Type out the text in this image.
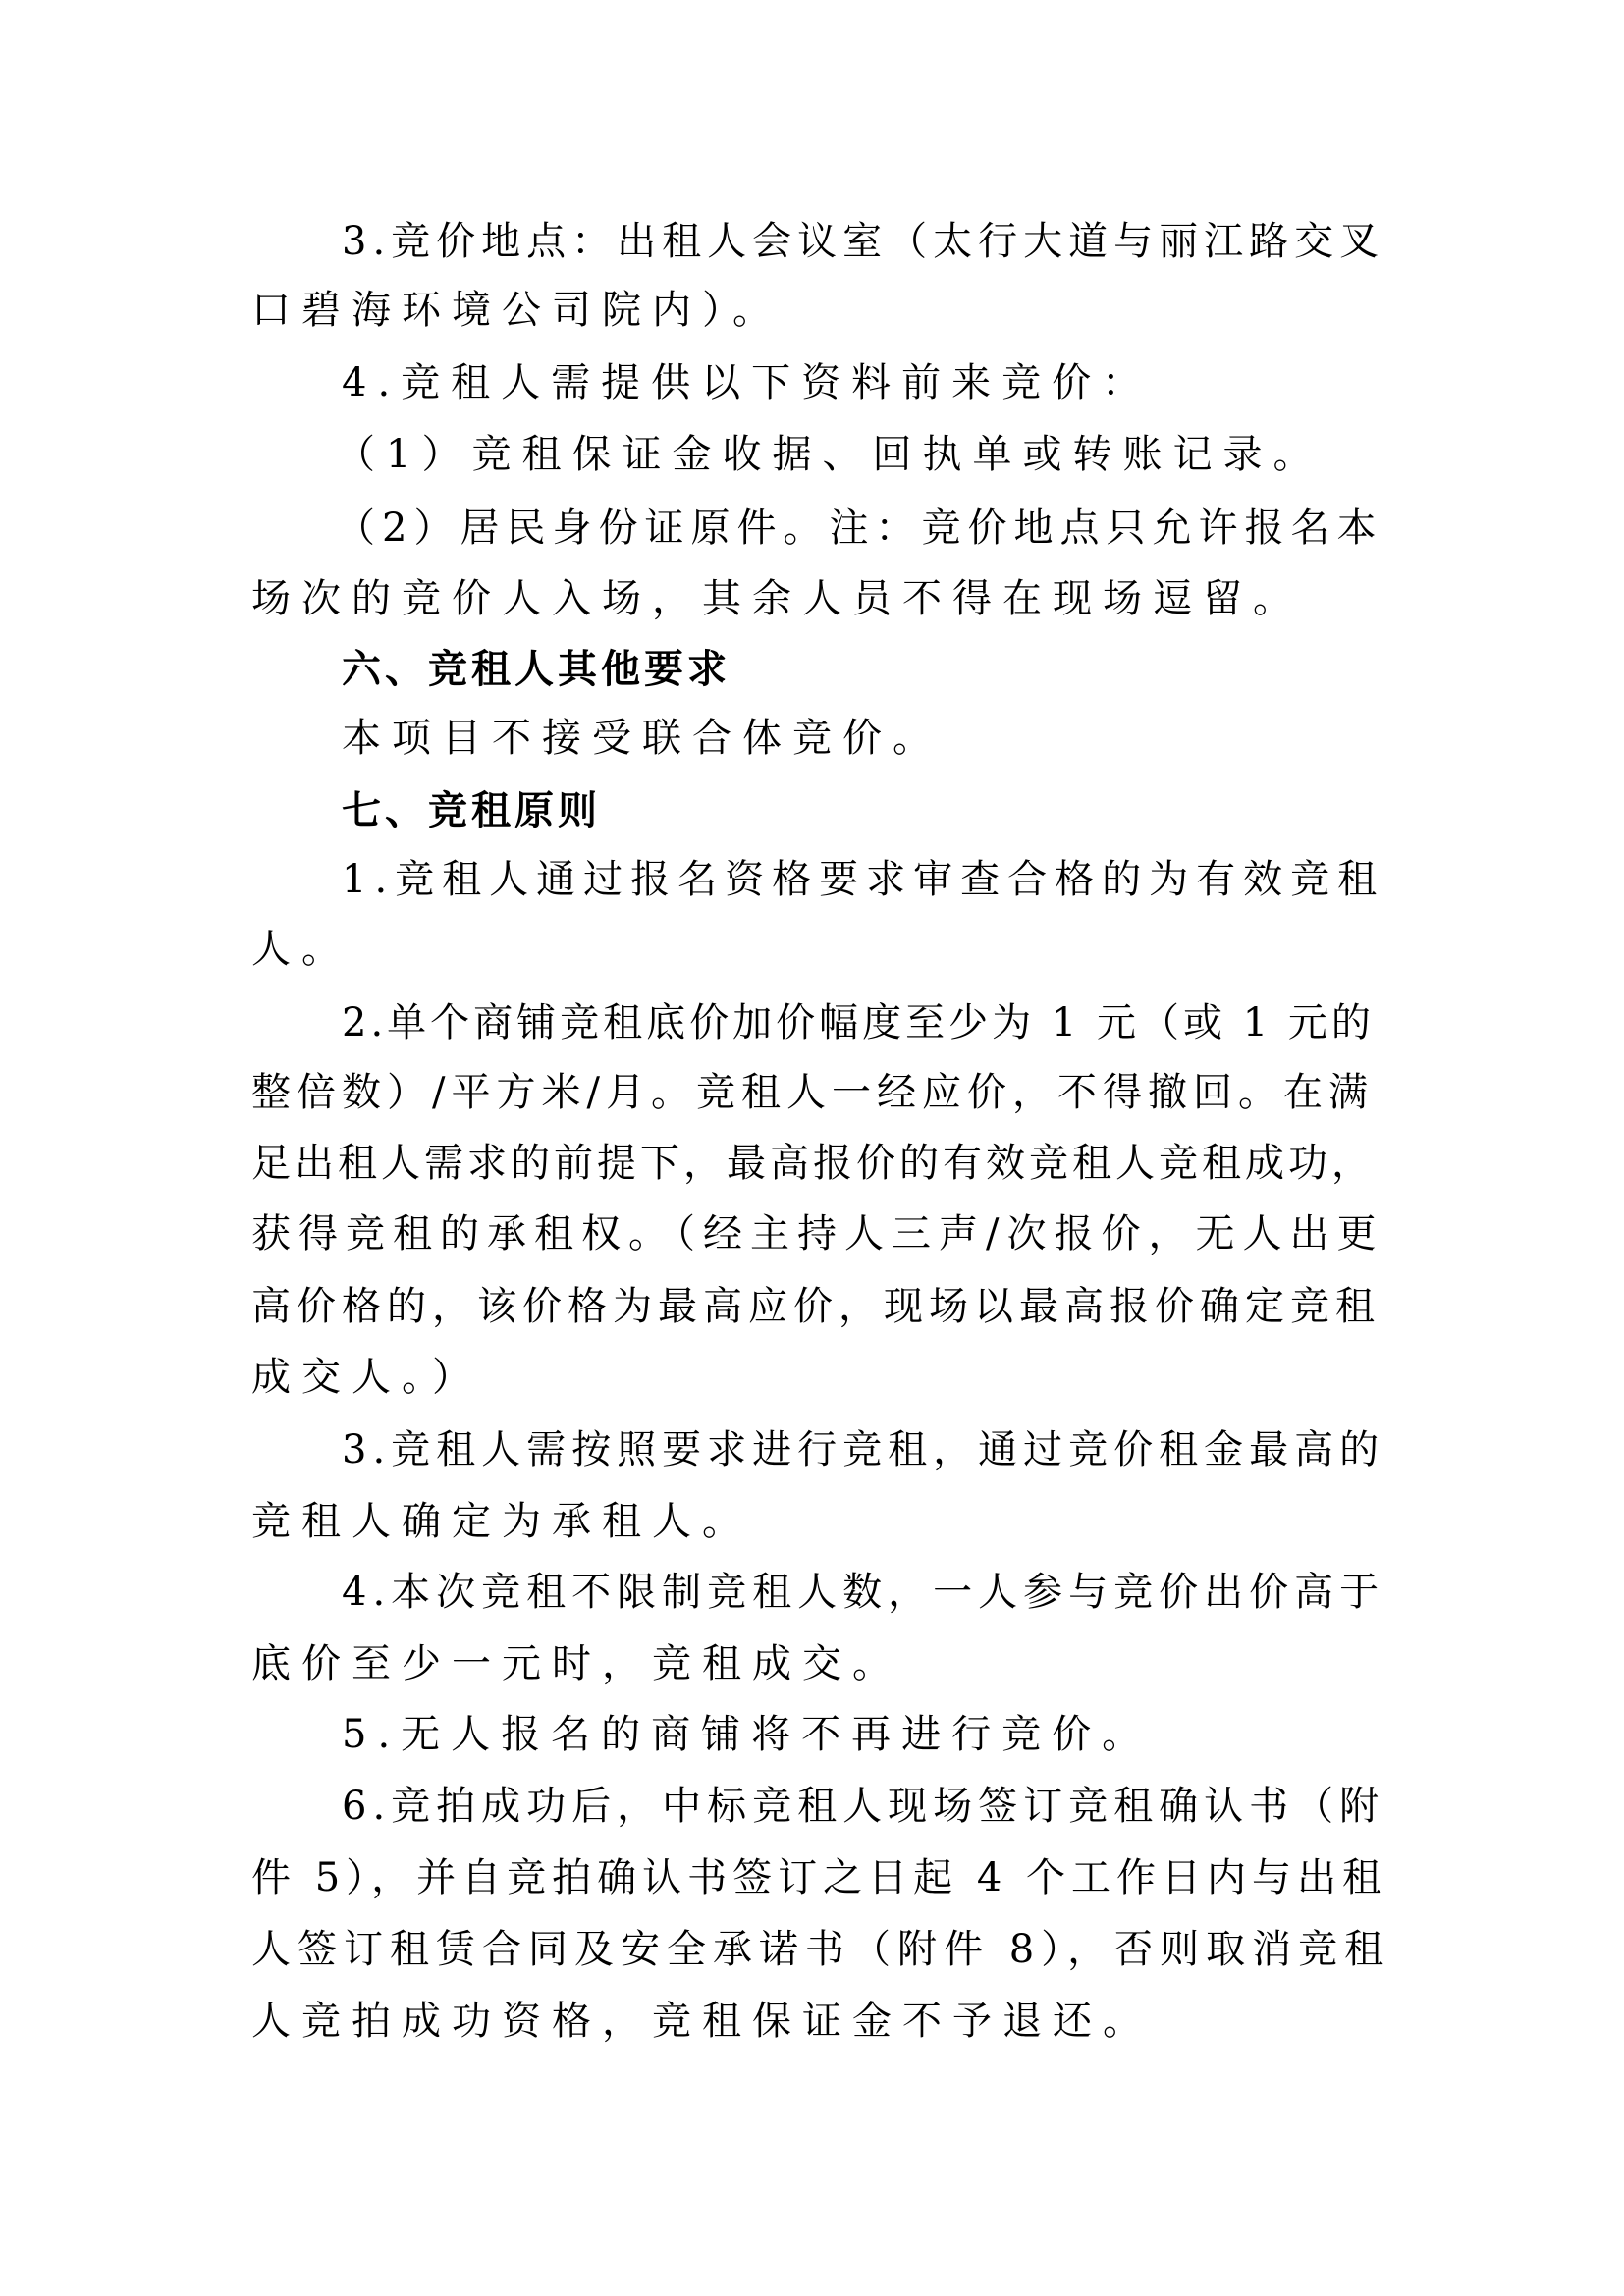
3.竞价地点：出租人会议室（太行大道与丽江路交叉

口碧海环境公司院内）。

4.竞租人需提供以下资料前来竞价：

（1）竞租保证金收据、回执单或转账记录。

（2）居民身份证原件。注：竞价地点只允许报名本

场次的竞价人入场，其余人员不得在现场逗留。

六、竞租人其他要求

本项目不接受联合体竞价。

七、竞租原则

1.竞租人通过报名资格要求审查合格的为有效竞租

人。

2.单个商铺竞租底价加价幅度至少为 1 元（或 1 元的

整倍数）/平方米/月。竞租人一经应价，不得撤回。在满

足出租人需求的前提下，最高报价的有效竞租人竞租成功，

获得竞租的承租权。（经主持人三声/次报价，无人出更

高价格的，该价格为最高应价，现场以最高报价确定竞租

成交人。）

3.竞租人需按照要求进行竞租，通过竞价租金最高的

竞租人确定为承租人。

4.本次竞租不限制竞租人数，一人参与竞价出价高于

底价至少一元时，竞租成交。

5.无人报名的商铺将不再进行竞价。

6.竞拍成功后，中标竞租人现场签订竞租确认书（附

件 5），并自竞拍确认书签订之日起 4 个工作日内与出租

人签订租赁合同及安全承诺书（附件 8），否则取消竞租

人竞拍成功资格，竞租保证金不予退还。
